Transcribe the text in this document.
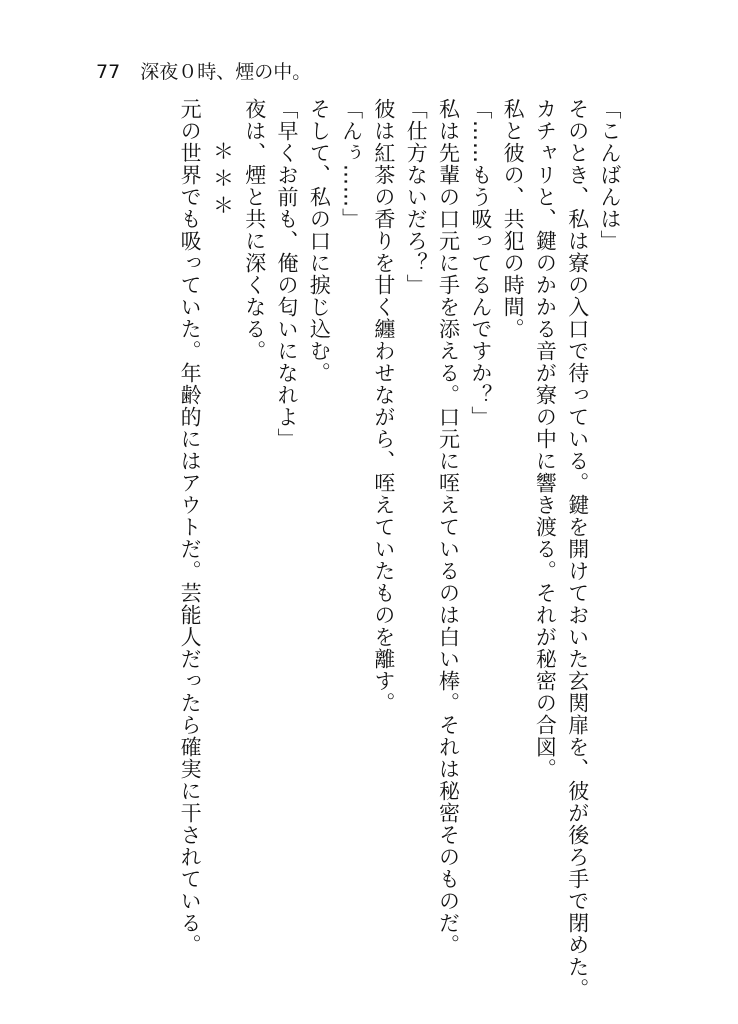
77 深夜０時、煙の中。

「こんばんは」

そのとき、私は寮の入口で待っている。鍵を開けておいた玄関扉を、彼が後ろ手で閉めた。

カチャリと、鍵のかかる音が寮の中に響き渡る。それが秘密の合図。

私と彼の、共犯の時間。

「……もう吸ってるんですか？」

私は先輩の口元に手を添える。口元に咥えているのは白い棒。それは秘密そのものだ。

「仕方ないだろ？」

彼は紅茶の香りを甘く纏わせながら、咥えていたものを離す。

「んぅ……」

そして、私の口に捩じ込む。

「早くお前も、俺の匂いになれよ」

夜は、煙と共に深くなる。

＊＊＊

元の世界でも吸っていた。年齢的にはアウトだ。芸能人だったら確実に干されている。
